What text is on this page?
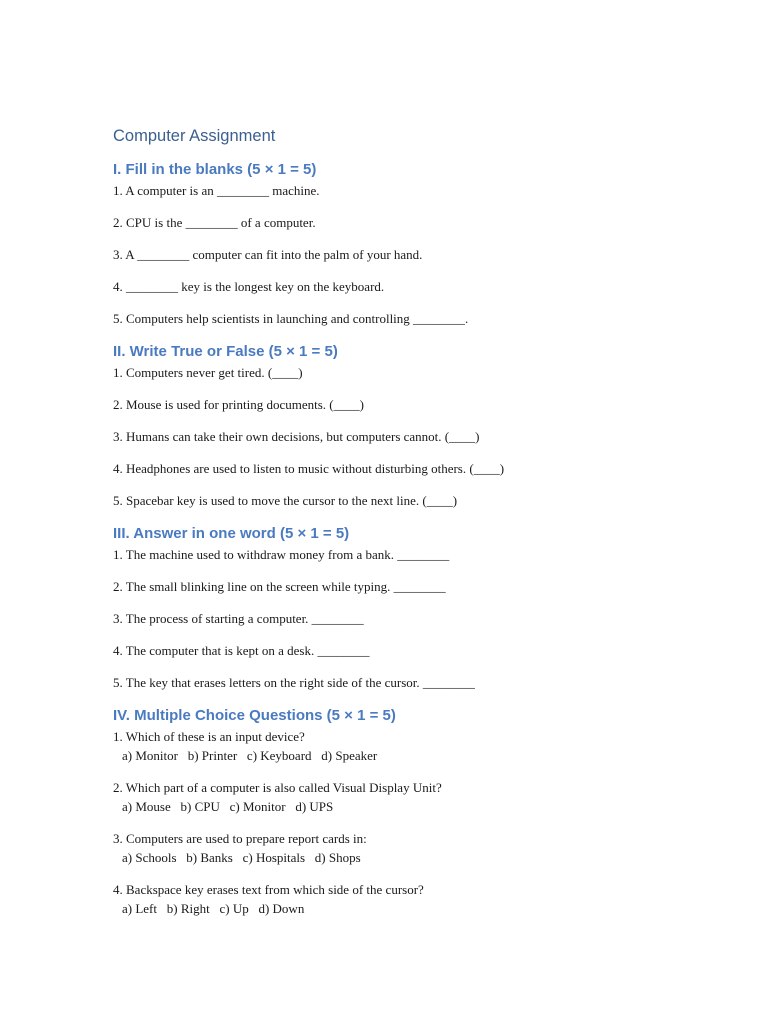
Computer Assignment
I. Fill in the blanks (5 × 1 = 5)

1. A computer is an ________ machine.

2. CPU is the ________ of a computer.

3. A ________ computer can fit into the palm of your hand.

4. ________ key is the longest key on the keyboard.

5. Computers help scientists in launching and controlling ________.

II. Write True or False (5 × 1 = 5)

1. Computers never get tired. (____)

2. Mouse is used for printing documents. (____)

3. Humans can take their own decisions, but computers cannot. (____)

4. Headphones are used to listen to music without disturbing others. (____)

5. Spacebar key is used to move the cursor to the next line. (____)

III. Answer in one word (5 × 1 = 5)

1. The machine used to withdraw money from a bank. ________

2. The small blinking line on the screen while typing. ________

3. The process of starting a computer. ________

4. The computer that is kept on a desk. ________

5. The key that erases letters on the right side of the cursor. ________

IV. Multiple Choice Questions (5 × 1 = 5)

1. Which of these is an input device?

a) Monitor   b) Printer   c) Keyboard   d) Speaker

2. Which part of a computer is also called Visual Display Unit?

a) Mouse   b) CPU   c) Monitor   d) UPS

3. Computers are used to prepare report cards in:

a) Schools   b) Banks   c) Hospitals   d) Shops

4. Backspace key erases text from which side of the cursor?

a) Left   b) Right   c) Up   d) Down
